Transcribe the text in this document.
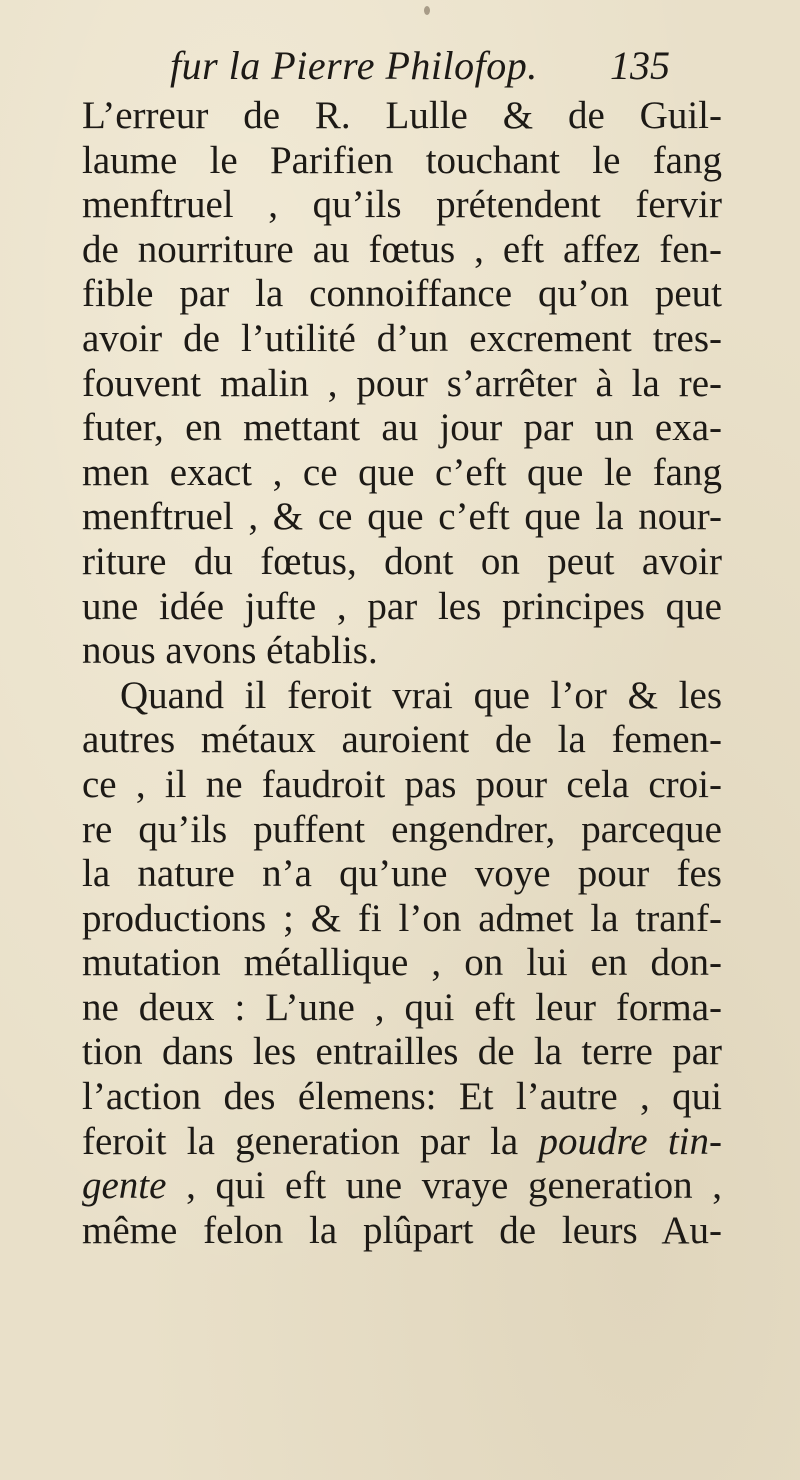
fur la Pierre Philofop. 135
L’erreur de R. Lulle & de Guil-
laume le Parifien touchant le fang
menftruel , qu’ils prétendent fervir
de nourriture au fœtus , eft affez fen-
fible par la connoiffance qu’on peut
avoir de l’utilité d’un excrement tres-
fouvent malin , pour s’arrêter à la re-
futer, en mettant au jour par un exa-
men exact , ce que c’eft que le fang
menftruel , & ce que c’eft que la nour-
riture du fœtus, dont on peut avoir
une idée jufte , par les principes que
nous avons établis.
Quand il feroit vrai que l’or & les
autres métaux auroient de la femen-
ce , il ne faudroit pas pour cela croi-
re qu’ils puffent engendrer, parceque
la nature n’a qu’une voye pour fes
productions ; & fi l’on admet la tranf-
mutation métallique , on lui en don-
ne deux : L’une , qui eft leur forma-
tion dans les entrailles de la terre par
l’action des élemens: Et l’autre , qui
feroit la generation par la poudre tin-
gente , qui eft une vraye generation ,
même felon la plûpart de leurs Au-
